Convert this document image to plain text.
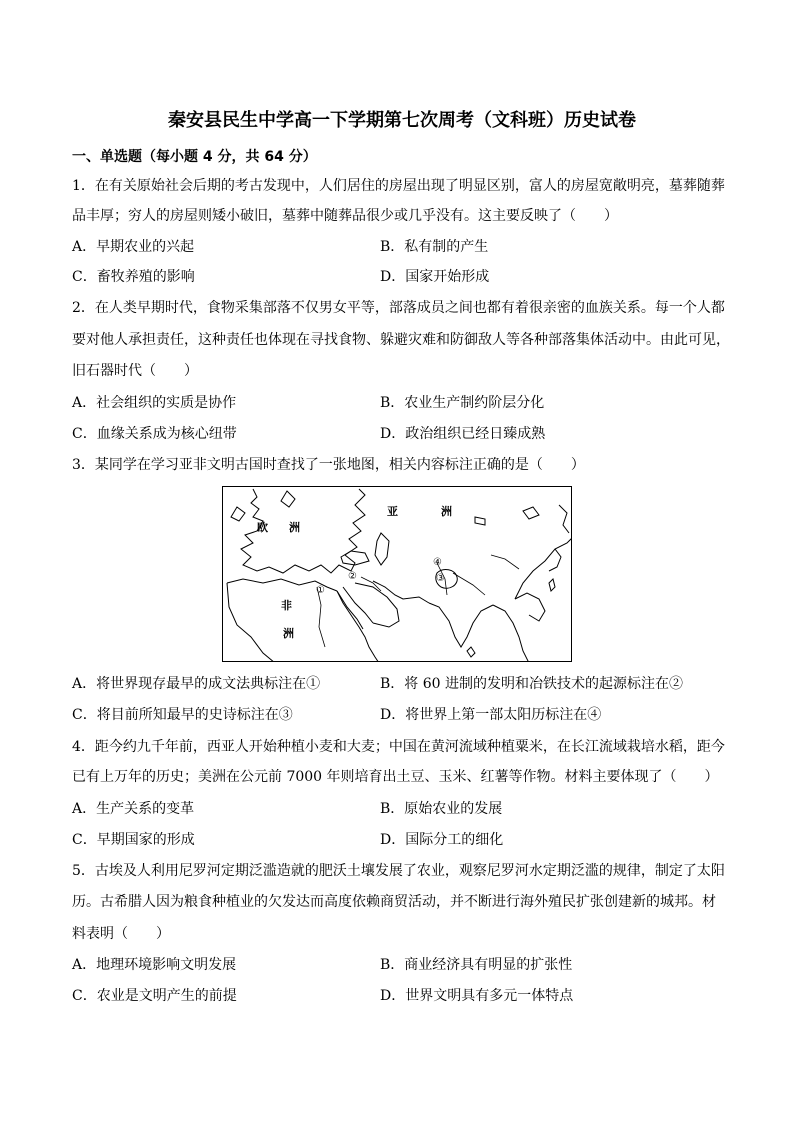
秦安县民生中学高一下学期第七次周考（文科班）历史试卷
一、单选题（每小题 4 分，共 64 分）
1．在有关原始社会后期的考古发现中，人们居住的房屋出现了明显区别，富人的房屋宽敞明亮，墓葬随葬
品丰厚；穷人的房屋则矮小破旧，墓葬中随葬品很少或几乎没有。这主要反映了（　　）
A．早期农业的兴起	B．私有制的产生
C．畜牧养殖的影响	D．国家开始形成
2．在人类早期时代，食物采集部落不仅男女平等，部落成员之间也都有着很亲密的血族关系。每一个人都
要对他人承担责任，这种责任也体现在寻找食物、躲避灾难和防御敌人等各种部落集体活动中。由此可见，
旧石器时代（　　）
A．社会组织的实质是协作	B．农业生产制约阶层分化
C．血缘关系成为核心纽带	D．政治组织已经日臻成熟
3．某同学在学习亚非文明古国时查找了一张地图，相关内容标注正确的是（　　）
亚	洲
欧 洲
非
洲
①
②	③
④
A．将世界现存最早的成文法典标注在①	B．将 60 进制的发明和冶铁技术的起源标注在②
C．将目前所知最早的史诗标注在③	D．将世界上第一部太阳历标注在④
4．距今约九千年前，西亚人开始种植小麦和大麦；中国在黄河流域种植粟米，在长江流域栽培水稻，距今
已有上万年的历史；美洲在公元前 7000 年则培育出土豆、玉米、红薯等作物。材料主要体现了（　　）
A．生产关系的变革	B．原始农业的发展
C．早期国家的形成	D．国际分工的细化
5．古埃及人利用尼罗河定期泛滥造就的肥沃土壤发展了农业，观察尼罗河水定期泛滥的规律，制定了太阳
历。古希腊人因为粮食种植业的欠发达而高度依赖商贸活动，并不断进行海外殖民扩张创建新的城邦。材
料表明（　　）
A．地理环境影响文明发展	B．商业经济具有明显的扩张性
C．农业是文明产生的前提	D．世界文明具有多元一体特点
